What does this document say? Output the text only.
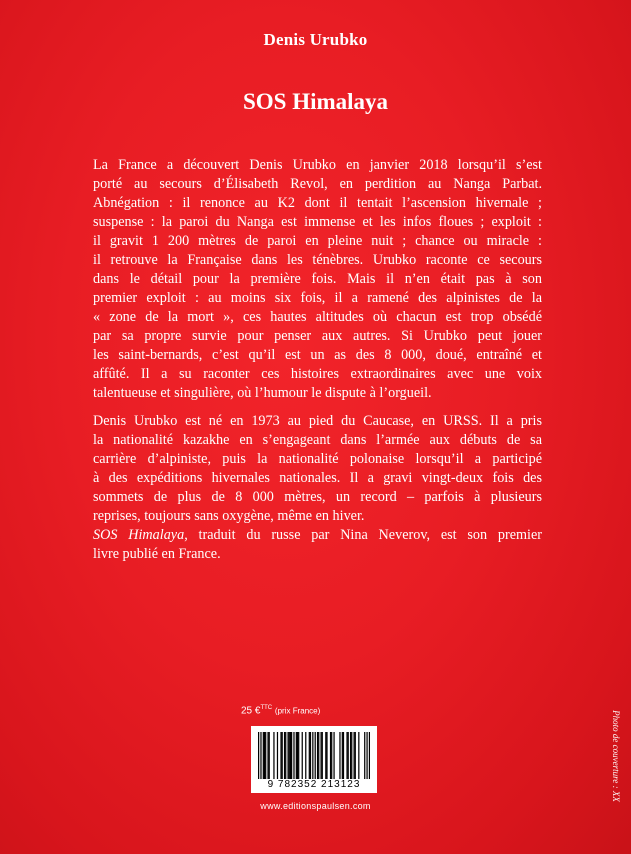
Denis Urubko
SOS Himalaya

La France a découvert Denis Urubko en janvier 2018 lorsqu’il s’est
porté au secours d’Élisabeth Revol, en perdition au Nanga Parbat.
Abnégation : il renonce au K2 dont il tentait l’ascension hivernale ;
suspense : la paroi du Nanga est immense et les infos floues ; exploit :
il gravit 1 200 mètres de paroi en pleine nuit ; chance ou miracle :
il retrouve la Française dans les ténèbres. Urubko raconte ce secours
dans le détail pour la première fois. Mais il n’en était pas à son
premier exploit : au moins six fois, il a ramené des alpinistes de la
« zone de la mort », ces hautes altitudes où chacun est trop obsédé
par sa propre survie pour penser aux autres. Si Urubko peut jouer
les saint-bernards, c’est qu’il est un as des 8 000, doué, entraîné et
affûté. Il a su raconter ces histoires extraordinaires avec une voix
talentueuse et singulière, où l’humour le dispute à l’orgueil.

Denis Urubko est né en 1973 au pied du Caucase, en URSS. Il a pris
la nationalité kazakhe en s’engageant dans l’armée aux débuts de sa
carrière d’alpiniste, puis la nationalité polonaise lorsqu’il a participé
à des expéditions hivernales nationales. Il a gravi vingt-deux fois des
sommets de plus de 8 000 mètres, un record – parfois à plusieurs
reprises, toujours sans oxygène, même en hiver.
SOS Himalaya, traduit du russe par Nina Neverov, est son premier
livre publié en France.

25 €$^{TTC}$ (prix France)
9 782352 213123
www.editionspaulsen.com
Photo de couverture : XX
